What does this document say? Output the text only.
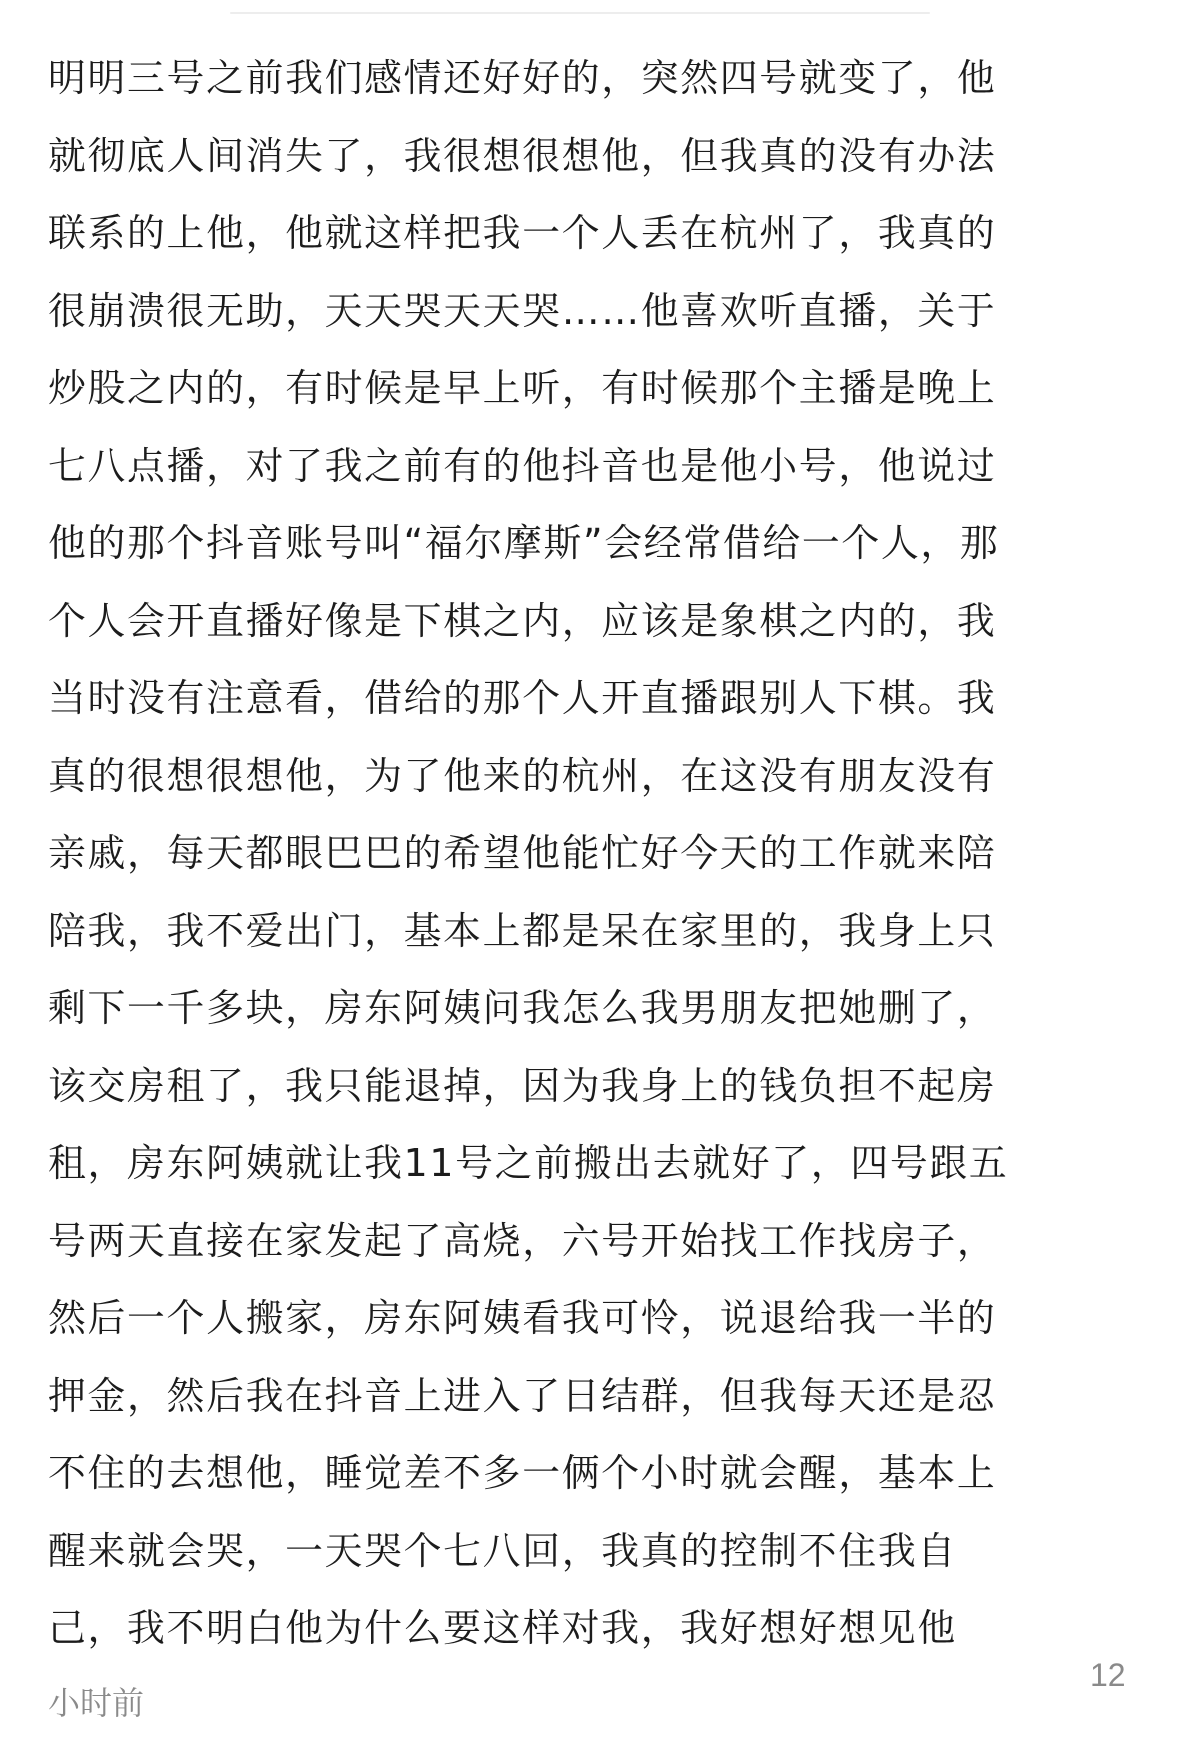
明明三号之前我们感情还好好的，突然四号就变了，他
就彻底人间消失了，我很想很想他，但我真的没有办法
联系的上他，他就这样把我一个人丢在杭州了，我真的
很崩溃很无助，天天哭天天哭……他喜欢听直播，关于
炒股之内的，有时候是早上听，有时候那个主播是晚上
七八点播，对了我之前有的他抖音也是他小号，他说过
他的那个抖音账号叫“福尔摩斯”会经常借给一个人，那
个人会开直播好像是下棋之内，应该是象棋之内的，我
当时没有注意看，借给的那个人开直播跟别人下棋。我
真的很想很想他，为了他来的杭州，在这没有朋友没有
亲戚，每天都眼巴巴的希望他能忙好今天的工作就来陪
陪我，我不爱出门，基本上都是呆在家里的，我身上只
剩下一千多块，房东阿姨问我怎么我男朋友把她删了，
该交房租了，我只能退掉，因为我身上的钱负担不起房
租，房东阿姨就让我11号之前搬出去就好了，四号跟五
号两天直接在家发起了高烧，六号开始找工作找房子，
然后一个人搬家，房东阿姨看我可怜，说退给我一半的
押金，然后我在抖音上进入了日结群，但我每天还是忍
不住的去想他，睡觉差不多一俩个小时就会醒，基本上
醒来就会哭，一天哭个七八回，我真的控制不住我自
己，我不明白他为什么要这样对我，我好想好想见他
12
小时前
